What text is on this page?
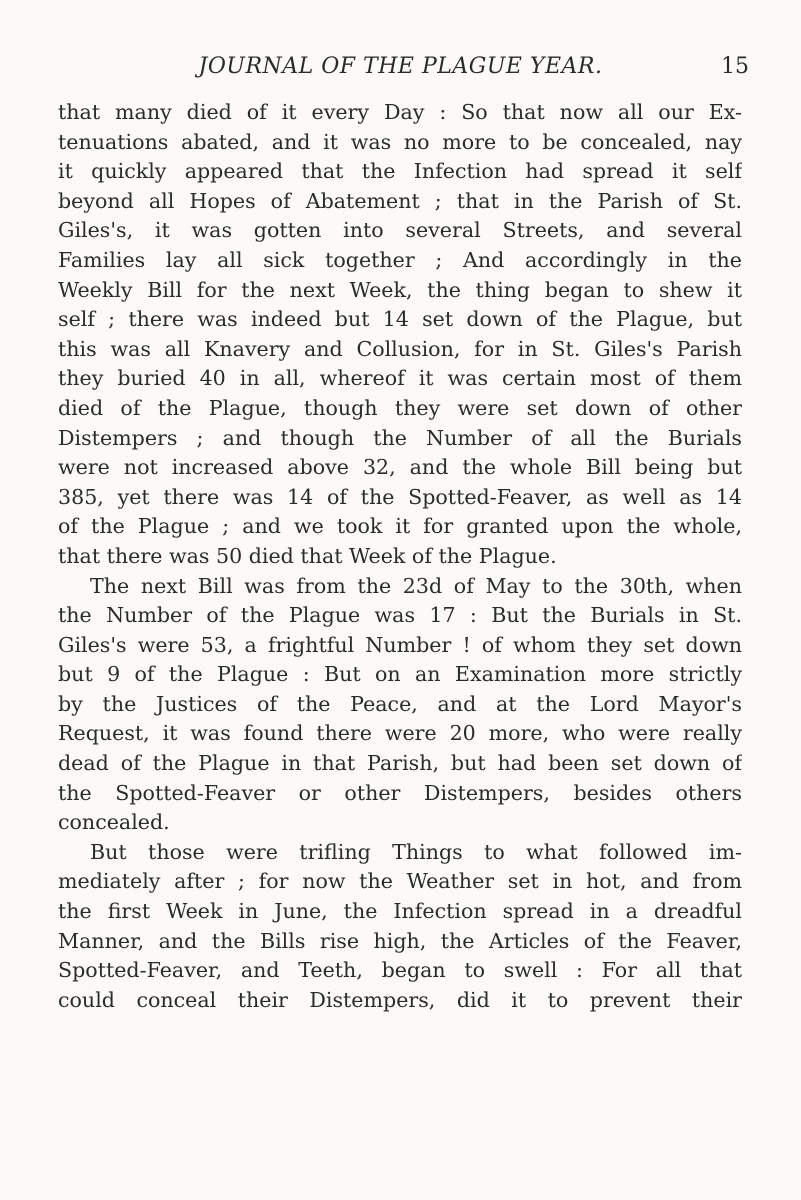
JOURNAL OF THE PLAGUE YEAR.	15
that many died of it every Day : So that now all our Ex-
tenuations abated, and it was no more to be concealed, nay
it quickly appeared that the Infection had spread it self
beyond all Hopes of Abatement ; that in the Parish of St.
Giles's, it was gotten into several Streets, and several
Families lay all sick together ; And accordingly in the
Weekly Bill for the next Week, the thing began to shew it
self ; there was indeed but 14 set down of the Plague, but
this was all Knavery and Collusion, for in St. Giles's Parish
they buried 40 in all, whereof it was certain most of them
died of the Plague, though they were set down of other
Distempers ; and though the Number of all the Burials
were not increased above 32, and the whole Bill being but
385, yet there was 14 of the Spotted-Feaver, as well as 14
of the Plague ; and we took it for granted upon the whole,
that there was 50 died that Week of the Plague.
The next Bill was from the 23d of May to the 30th, when
the Number of the Plague was 17 : But the Burials in St.
Giles's were 53, a frightful Number ! of whom they set down
but 9 of the Plague : But on an Examination more strictly
by the Justices of the Peace, and at the Lord Mayor's
Request, it was found there were 20 more, who were really
dead of the Plague in that Parish, but had been set down of
the Spotted-Feaver or other Distempers, besides others
concealed.
But those were trifling Things to what followed im-
mediately after ; for now the Weather set in hot, and from
the first Week in June, the Infection spread in a dreadful
Manner, and the Bills rise high, the Articles of the Feaver,
Spotted-Feaver, and Teeth, began to swell : For all that
could conceal their Distempers, did it to prevent their
